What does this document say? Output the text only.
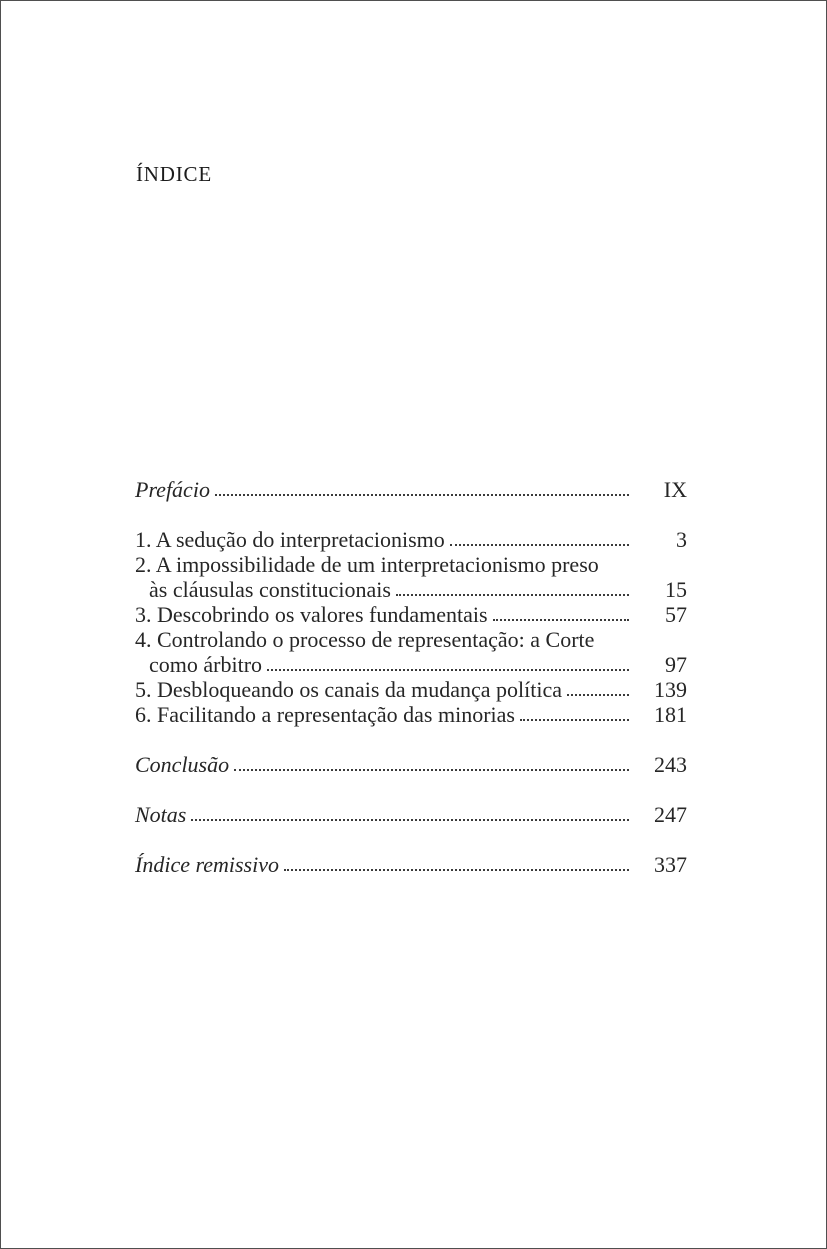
ÍNDICE
Prefácio	IX
1. A sedução do interpretacionismo	3
2. A impossibilidade de um interpretacionismo preso
às cláusulas constitucionais	15
3. Descobrindo os valores fundamentais	57
4. Controlando o processo de representação: a Corte
como árbitro	97
5. Desbloqueando os canais da mudança política	139
6. Facilitando a representação das minorias	181
Conclusão	243
Notas	247
Índice remissivo	337
